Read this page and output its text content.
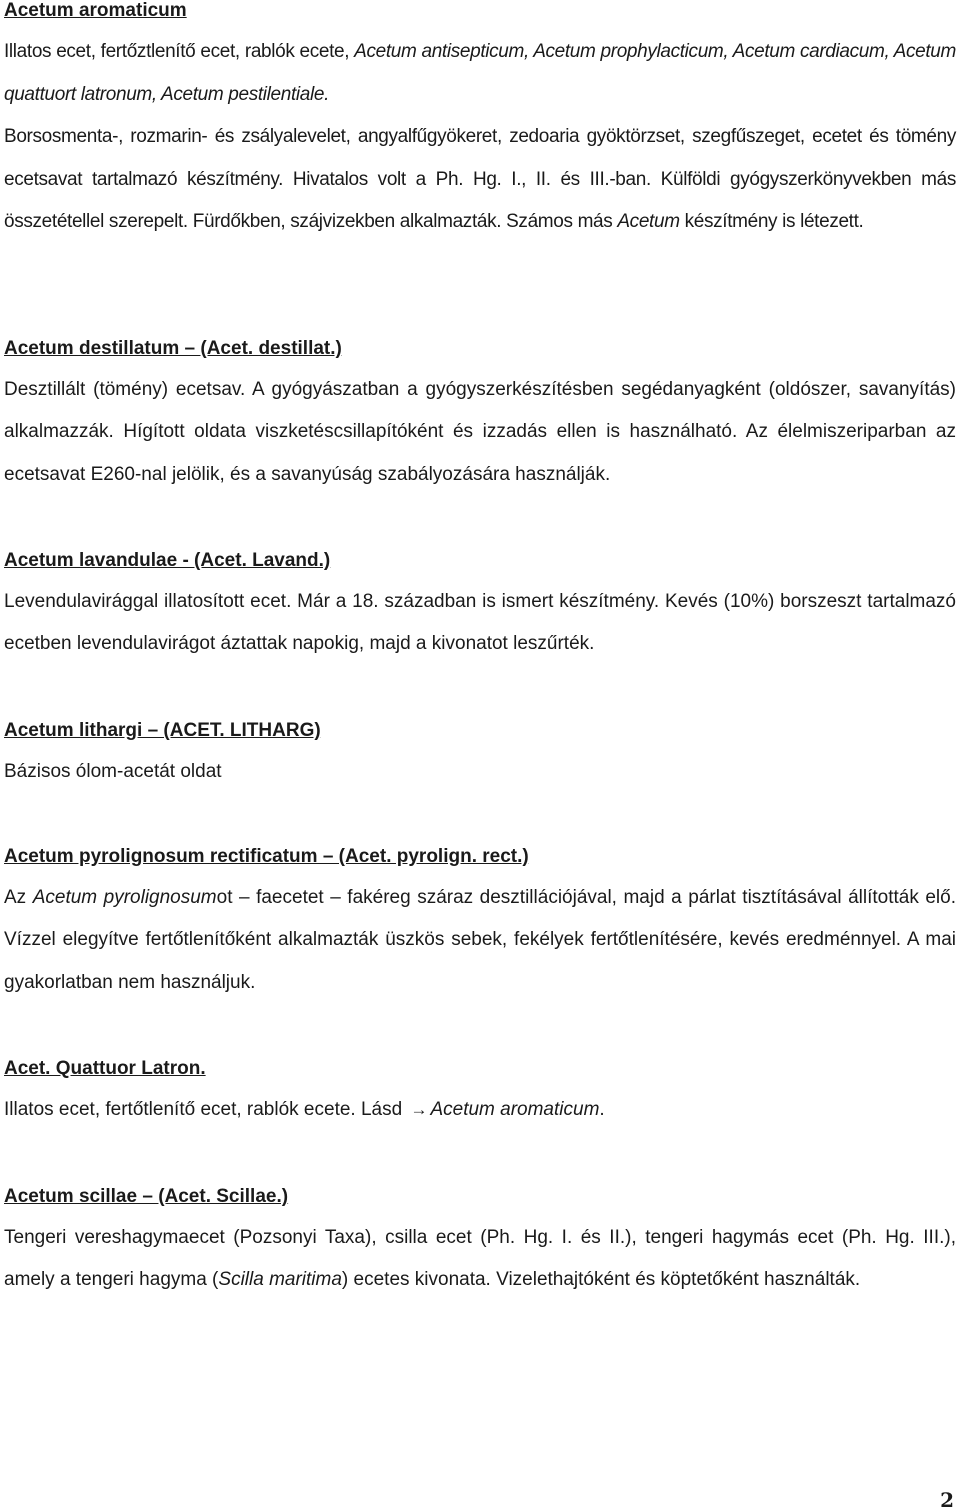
Acetum aromaticum
Illatos ecet, fertőztlenítő ecet, rablók ecete, Acetum antisepticum, Acetum prophylacticum, Acetum cardiacum, Acetum quattuort latronum, Acetum pestilentiale.
Borsosmenta-, rozmarin- és zsályalevelet, angyalfűgyökeret, zedoaria gyöktörzset, szegfűszeget, ecetet és tömény ecetsavat tartalmazó készítmény. Hivatalos volt a Ph. Hg. I., II. és III.-ban. Külföldi gyógyszerkönyvekben más összetétellel szerepelt. Fürdőkben, szájvizekben alkalmazták. Számos más Acetum készítmény is létezett.
Acetum destillatum – (Acet. destillat.)
Desztillált (tömény) ecetsav. A gyógyászatban a gyógyszerkészítésben segédanyagként (oldószer, savanyítás) alkalmazzák. Hígított oldata viszketéscsillapítóként és izzadás ellen is használható. Az élelmiszeriparban az ecetsavat E260-nal jelölik, és a savanyúság szabályozására használják.
Acetum lavandulae - (Acet. Lavand.)
Levendulavirággal illatosított ecet. Már a 18. században is ismert készítmény. Kevés (10%) borszeszt tartalmazó ecetben levendulavirágot áztattak napokig, majd a kivonatot leszűrték.
Acetum lithargi – (ACET. LITHARG)
Bázisos ólom-acetát oldat
Acetum pyrolignosum rectificatum – (Acet. pyrolign. rect.)
Az Acetum pyrolignosumot – faecetet – fakéreg száraz desztillációjával, majd a párlat tisztításával állították elő. Vízzel elegyítve fertőtlenítőként alkalmazták üszkös sebek, fekélyek fertőtlenítésére, kevés eredménnyel. A mai gyakorlatban nem használjuk.
Acet. Quattuor Latron.
Illatos ecet, fertőtlenítő ecet, rablók ecete. Lásd → Acetum aromaticum.
Acetum scillae – (Acet. Scillae.)
Tengeri vereshagymaecet (Pozsonyi Taxa), csilla ecet (Ph. Hg. I. és II.), tengeri hagymás ecet (Ph. Hg. III.), amely a tengeri hagyma (Scilla maritima) ecetes kivonata. Vizelethajtóként és köptetőként használták.
2
